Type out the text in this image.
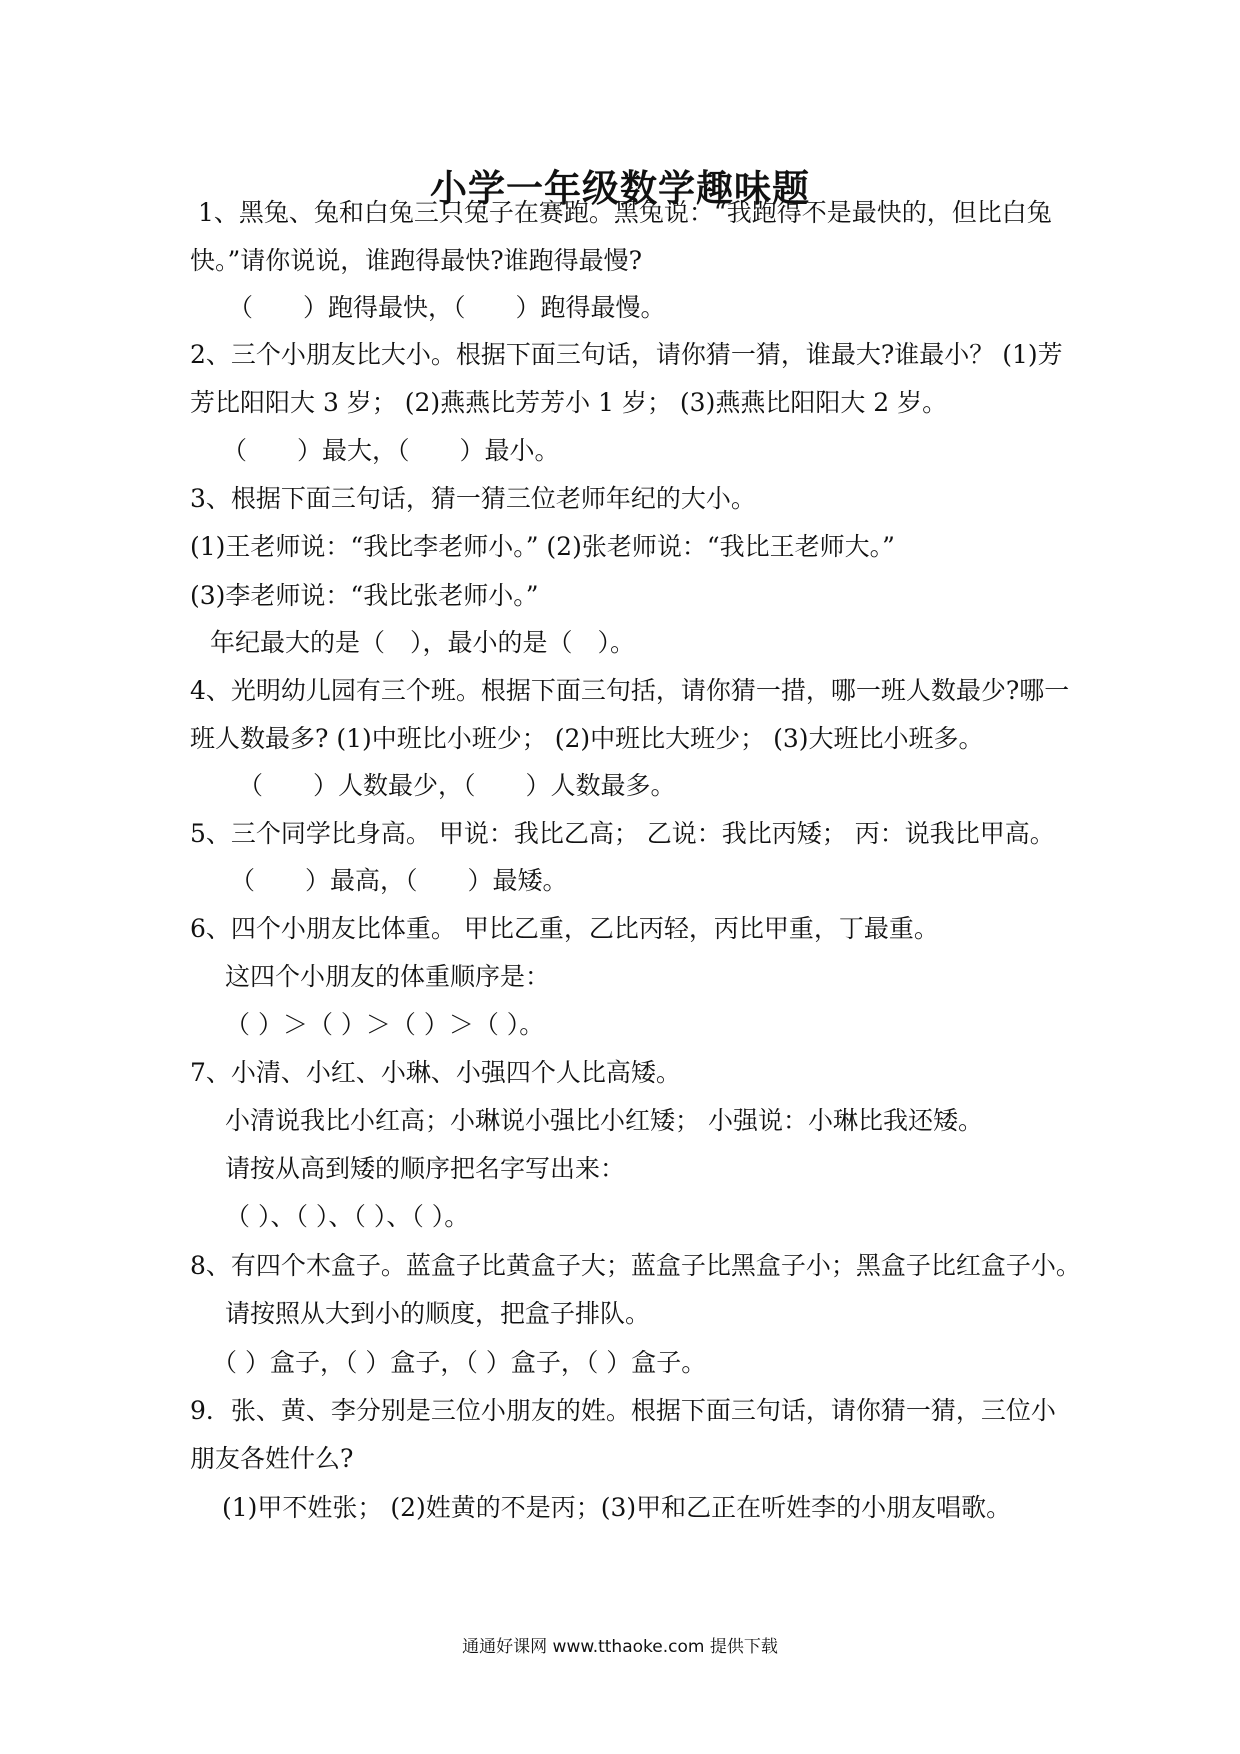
小学一年级数学趣味题
1、黑兔、兔和白兔三只兔子在赛跑。黑兔说：“我跑得不是最快的，但比白兔
快。”请你说说，谁跑得最快?谁跑得最慢?
（　　）跑得最快，（　　）跑得最慢。
2、三个小朋友比大小。根据下面三句话，请你猜一猜，谁最大?谁最小？ (1)芳
芳比阳阳大 3 岁； (2)燕燕比芳芳小 1 岁； (3)燕燕比阳阳大 2 岁。
（　　）最大，（　　）最小。
3、根据下面三句话，猜一猜三位老师年纪的大小。
(1)王老师说：“我比李老师小。” (2)张老师说：“我比王老师大。”
(3)李老师说：“我比张老师小。”
年纪最大的是（　），最小的是（　）。
4、光明幼儿园有三个班。根据下面三句括，请你猜一措，哪一班人数最少?哪一
班人数最多? (1)中班比小班少； (2)中班比大班少； (3)大班比小班多。
（　　）人数最少，（　　）人数最多。
5、三个同学比身高。 甲说：我比乙高； 乙说：我比丙矮； 丙：说我比甲高。
（　　）最高，（　　）最矮。
6、四个小朋友比体重。 甲比乙重，乙比丙轻，丙比甲重，丁最重。
这四个小朋友的体重顺序是：
（ ）＞（ ）＞（ ）＞（ ）。
7、小清、小红、小琳、小强四个人比高矮。
小清说我比小红高；小琳说小强比小红矮； 小强说：小琳比我还矮。
请按从高到矮的顺序把名字写出来：
（ ）、（ ）、（ ）、（ ）。
8、有四个木盒子。蓝盒子比黄盒子大；蓝盒子比黑盒子小；黑盒子比红盒子小。
请按照从大到小的顺度，把盒子排队。
（ ）盒子，（ ）盒子，（ ）盒子，（ ）盒子。
9．张、黄、李分别是三位小朋友的姓。根据下面三句话，请你猜一猜，三位小
朋友各姓什么?
(1)甲不姓张； (2)姓黄的不是丙；(3)甲和乙正在听姓李的小朋友唱歌。
通通好课网 www.tthaoke.com 提供下载
